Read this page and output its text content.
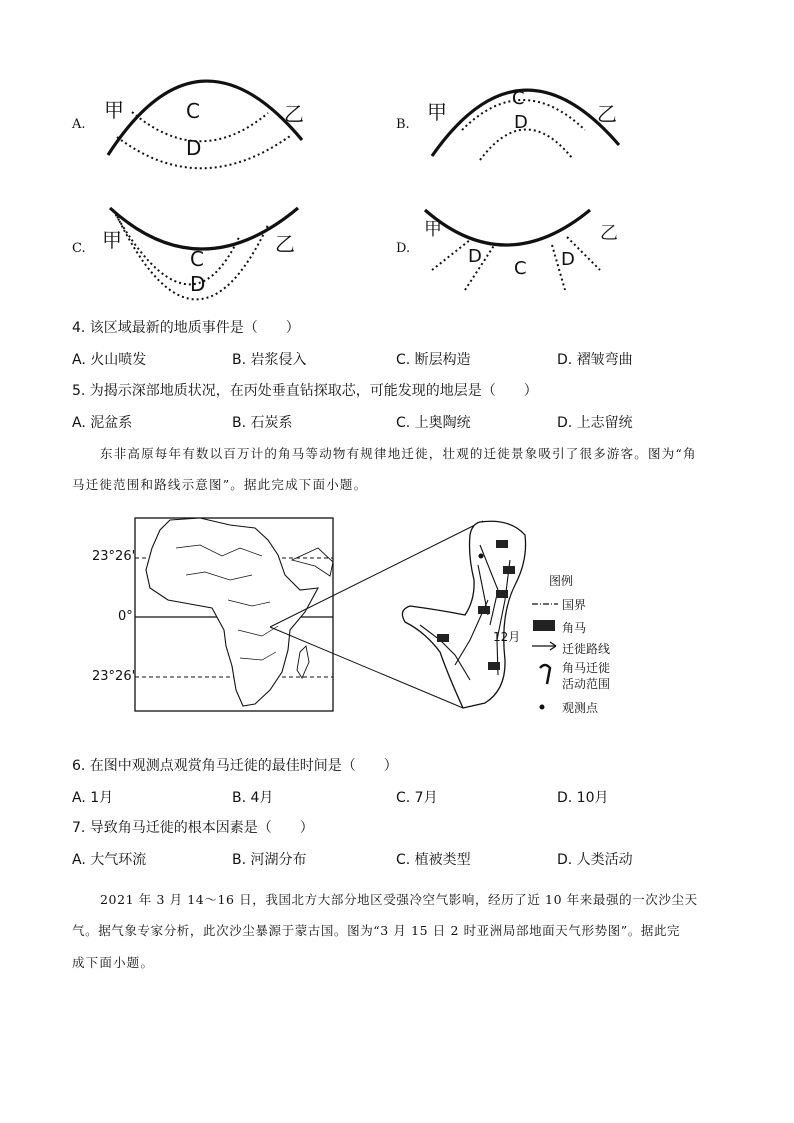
A.
甲	C
D
乙	B.
甲
C
D	乙
C. 甲
C
D
乙	D.
甲
D
C D
乙
4. 该区域最新的地质事件是（　　）
A. 火山喷发	B. 岩浆侵入	C. 断层构造	D. 褶皱弯曲
5. 为揭示深部地质状况，在丙处垂直钻探取芯，可能发现的地层是（　　）
A. 泥盆系	B. 石炭系	C. 上奥陶统	D. 上志留统
东非高原每年有数以百万计的角马等动物有规律地迁徙，壮观的迁徙景象吸引了很多游客。图为“角
马迁徙范围和路线示意图”。据此完成下面小题。
23°26'
0°
23°26'
12月
图例
国界
角马
迁徙路线
角马迁徙
活动范围
观测点
6. 在图中观测点观赏角马迁徙的最佳时间是（　　）
A. 1月	B. 4月	C. 7月	D. 10月
7. 导致角马迁徙的根本因素是（　　）
A. 大气环流	B. 河湖分布	C. 植被类型	D. 人类活动
2021 年 3 月 14～16 日，我国北方大部分地区受强冷空气影响，经历了近 10 年来最强的一次沙尘天
气。据气象专家分析，此次沙尘暴源于蒙古国。图为“3 月 15 日 2 时亚洲局部地面天气形势图”。据此完
成下面小题。
